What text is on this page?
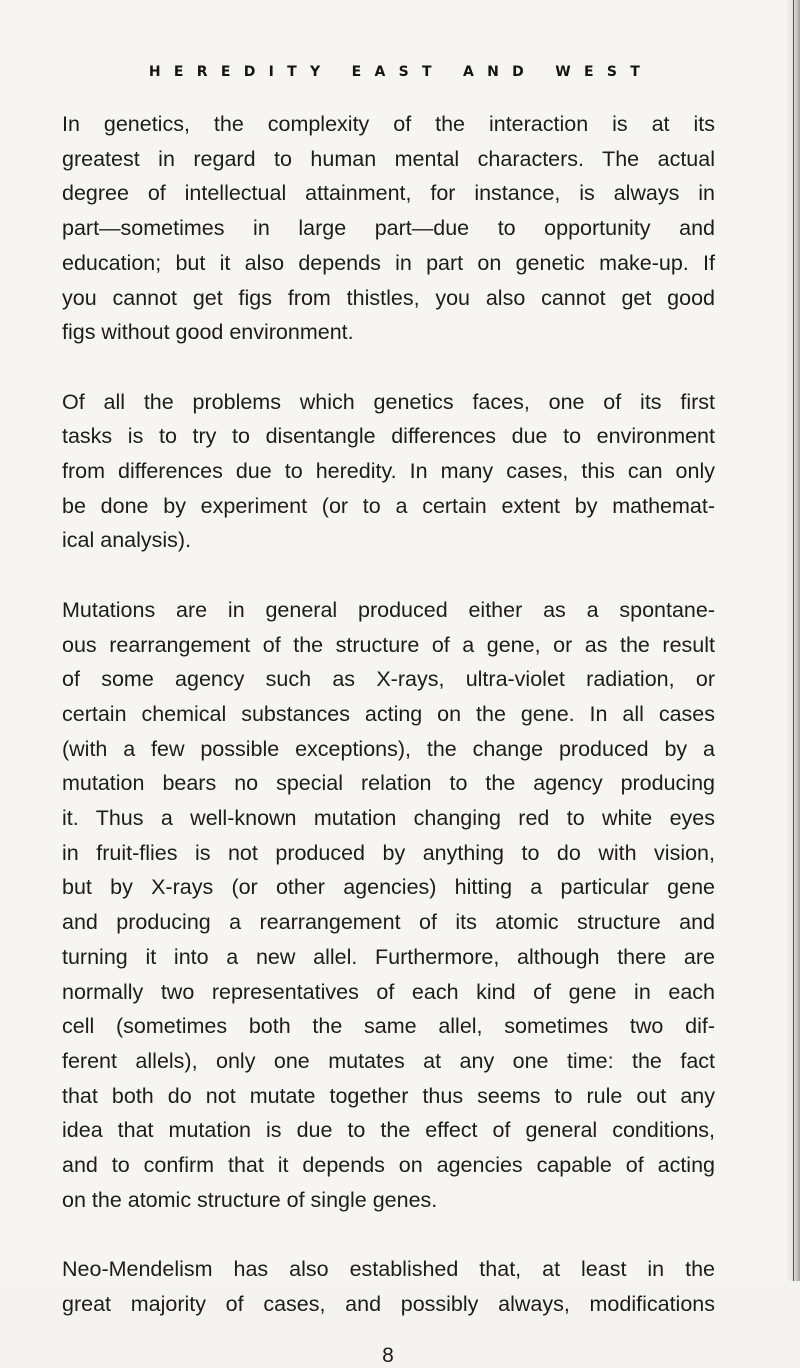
HEREDITY EAST AND WEST

In genetics, the complexity of the interaction is at its
greatest in regard to human mental characters. The actual
degree of intellectual attainment, for instance, is always in
part—sometimes in large part—due to opportunity and
education; but it also depends in part on genetic make-up. If
you cannot get figs from thistles, you also cannot get good
figs without good environment.

Of all the problems which genetics faces, one of its first
tasks is to try to disentangle differences due to environment
from differences due to heredity. In many cases, this can only
be done by experiment (or to a certain extent by mathemat-
ical analysis).

Mutations are in general produced either as a spontane-
ous rearrangement of the structure of a gene, or as the result
of some agency such as X-rays, ultra-violet radiation, or
certain chemical substances acting on the gene. In all cases
(with a few possible exceptions), the change produced by a
mutation bears no special relation to the agency producing
it. Thus a well-known mutation changing red to white eyes
in fruit-flies is not produced by anything to do with vision,
but by X-rays (or other agencies) hitting a particular gene
and producing a rearrangement of its atomic structure and
turning it into a new allel. Furthermore, although there are
normally two representatives of each kind of gene in each
cell (sometimes both the same allel, sometimes two dif-
ferent allels), only one mutates at any one time: the fact
that both do not mutate together thus seems to rule out any
idea that mutation is due to the effect of general conditions,
and to confirm that it depends on agencies capable of acting
on the atomic structure of single genes.

Neo-Mendelism has also established that, at least in the
great majority of cases, and possibly always, modifications

8
